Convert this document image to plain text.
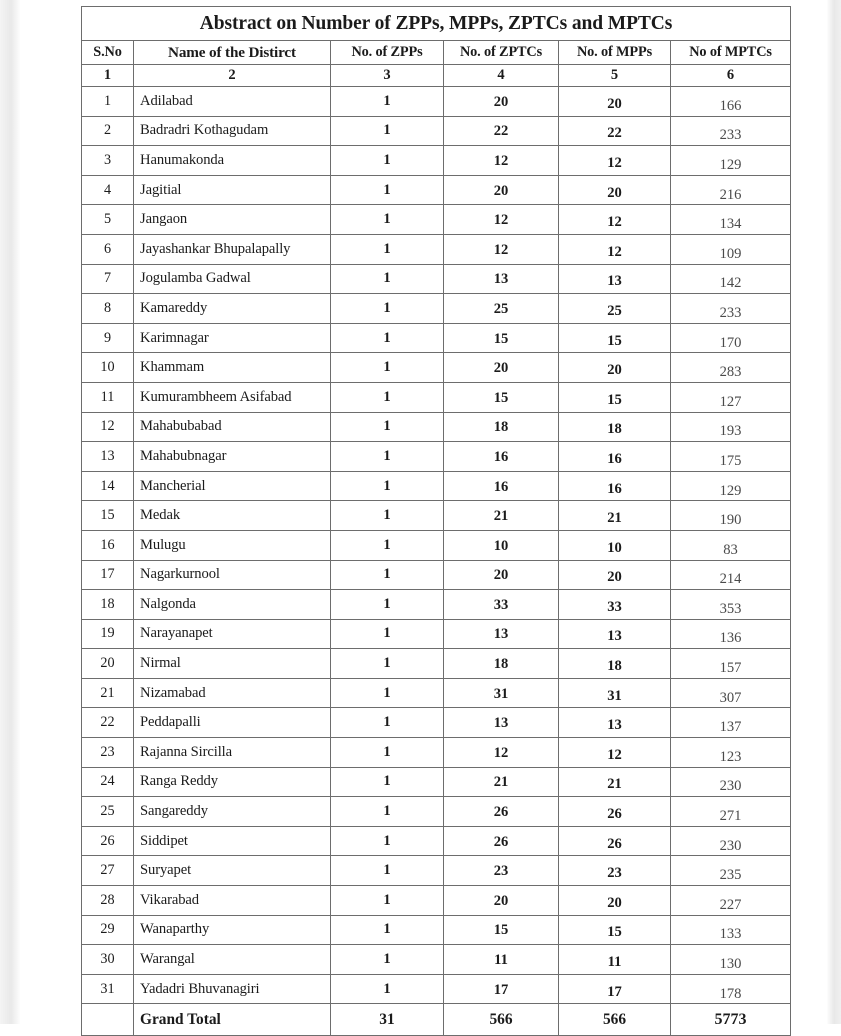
Abstract on Number of ZPPs, MPPs, ZPTCs and MPTCs					
S.No	Name of the Distirct	No. of ZPPs	No. of ZPTCs	No. of MPPs	No of MPTCs
1	2	3	4	5	6

1	Adilabad	1	20	20	166

2	Badradri Kothagudam	1	22	22	233

3	Hanumakonda	1	12	12	129

4	Jagitial	1	20	20	216

5	Jangaon	1	12	12	134

6	Jayashankar Bhupalapally	1	12	12	109

7	Jogulamba Gadwal	1	13	13	142

8	Kamareddy	1	25	25	233

9	Karimnagar	1	15	15	170

10	Khammam	1	20	20	283

11	Kumurambheem Asifabad	1	15	15	127

12	Mahabubabad	1	18	18	193

13	Mahabubnagar	1	16	16	175

14	Mancherial	1	16	16	129

15	Medak	1	21	21	190

16	Mulugu	1	10	10	83

17	Nagarkurnool	1	20	20	214

18	Nalgonda	1	33	33	353

19	Narayanapet	1	13	13	136

20	Nirmal	1	18	18	157

21	Nizamabad	1	31	31	307

22	Peddapalli	1	13	13	137

23	Rajanna Sircilla	1	12	12	123

24	Ranga Reddy	1	21	21	230

25	Sangareddy	1	26	26	271

26	Siddipet	1	26	26	230

27	Suryapet	1	23	23	235

28	Vikarabad	1	20	20	227

29	Wanaparthy	1	15	15	133

30	Warangal	1	11	11	130

31	Yadadri Bhuvanagiri	1	17	17	178

	Grand Total	31	566	566	5773
